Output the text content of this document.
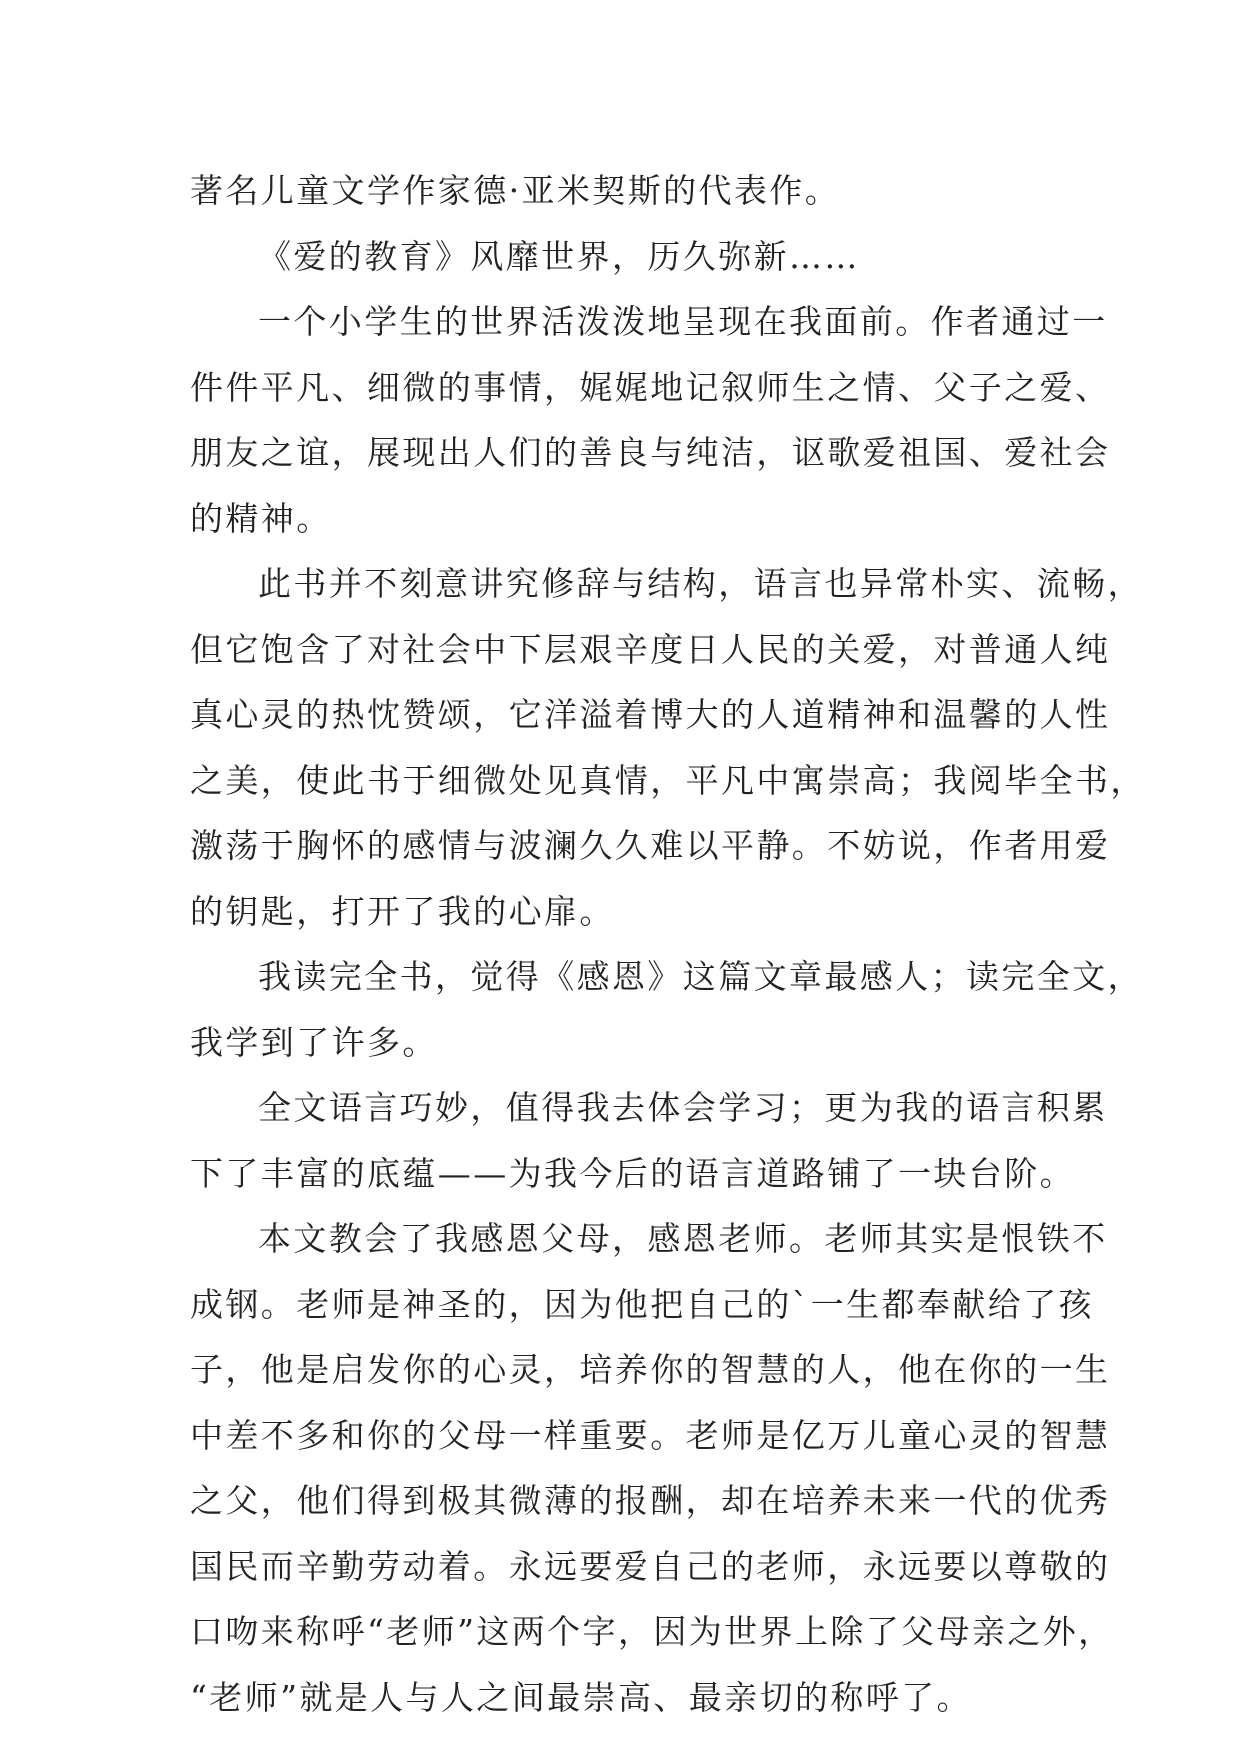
著名儿童文学作家德·亚米契斯的代表作。
《爱的教育》风靡世界，历久弥新……
一个小学生的世界活泼泼地呈现在我面前。作者通过一
件件平凡、细微的事情，娓娓地记叙师生之情、父子之爱、
朋友之谊，展现出人们的善良与纯洁，讴歌爱祖国、爱社会
的精神。
此书并不刻意讲究修辞与结构，语言也异常朴实、流畅，
但它饱含了对社会中下层艰辛度日人民的关爱，对普通人纯
真心灵的热忱赞颂，它洋溢着博大的人道精神和温馨的人性
之美，使此书于细微处见真情，平凡中寓崇高；我阅毕全书，
激荡于胸怀的感情与波澜久久难以平静。不妨说，作者用爱
的钥匙，打开了我的心扉。
我读完全书，觉得《感恩》这篇文章最感人；读完全文，
我学到了许多。
全文语言巧妙，值得我去体会学习；更为我的语言积累
下了丰富的底蕴——为我今后的语言道路铺了一块台阶。
本文教会了我感恩父母，感恩老师。老师其实是恨铁不
成钢。老师是神圣的，因为他把自己的`一生都奉献给了孩
子，他是启发你的心灵，培养你的智慧的人，他在你的一生
中差不多和你的父母一样重要。老师是亿万儿童心灵的智慧
之父，他们得到极其微薄的报酬，却在培养未来一代的优秀
国民而辛勤劳动着。永远要爱自己的老师，永远要以尊敬的
口吻来称呼“老师”这两个字，因为世界上除了父母亲之外，
“老师”就是人与人之间最崇高、最亲切的称呼了。
